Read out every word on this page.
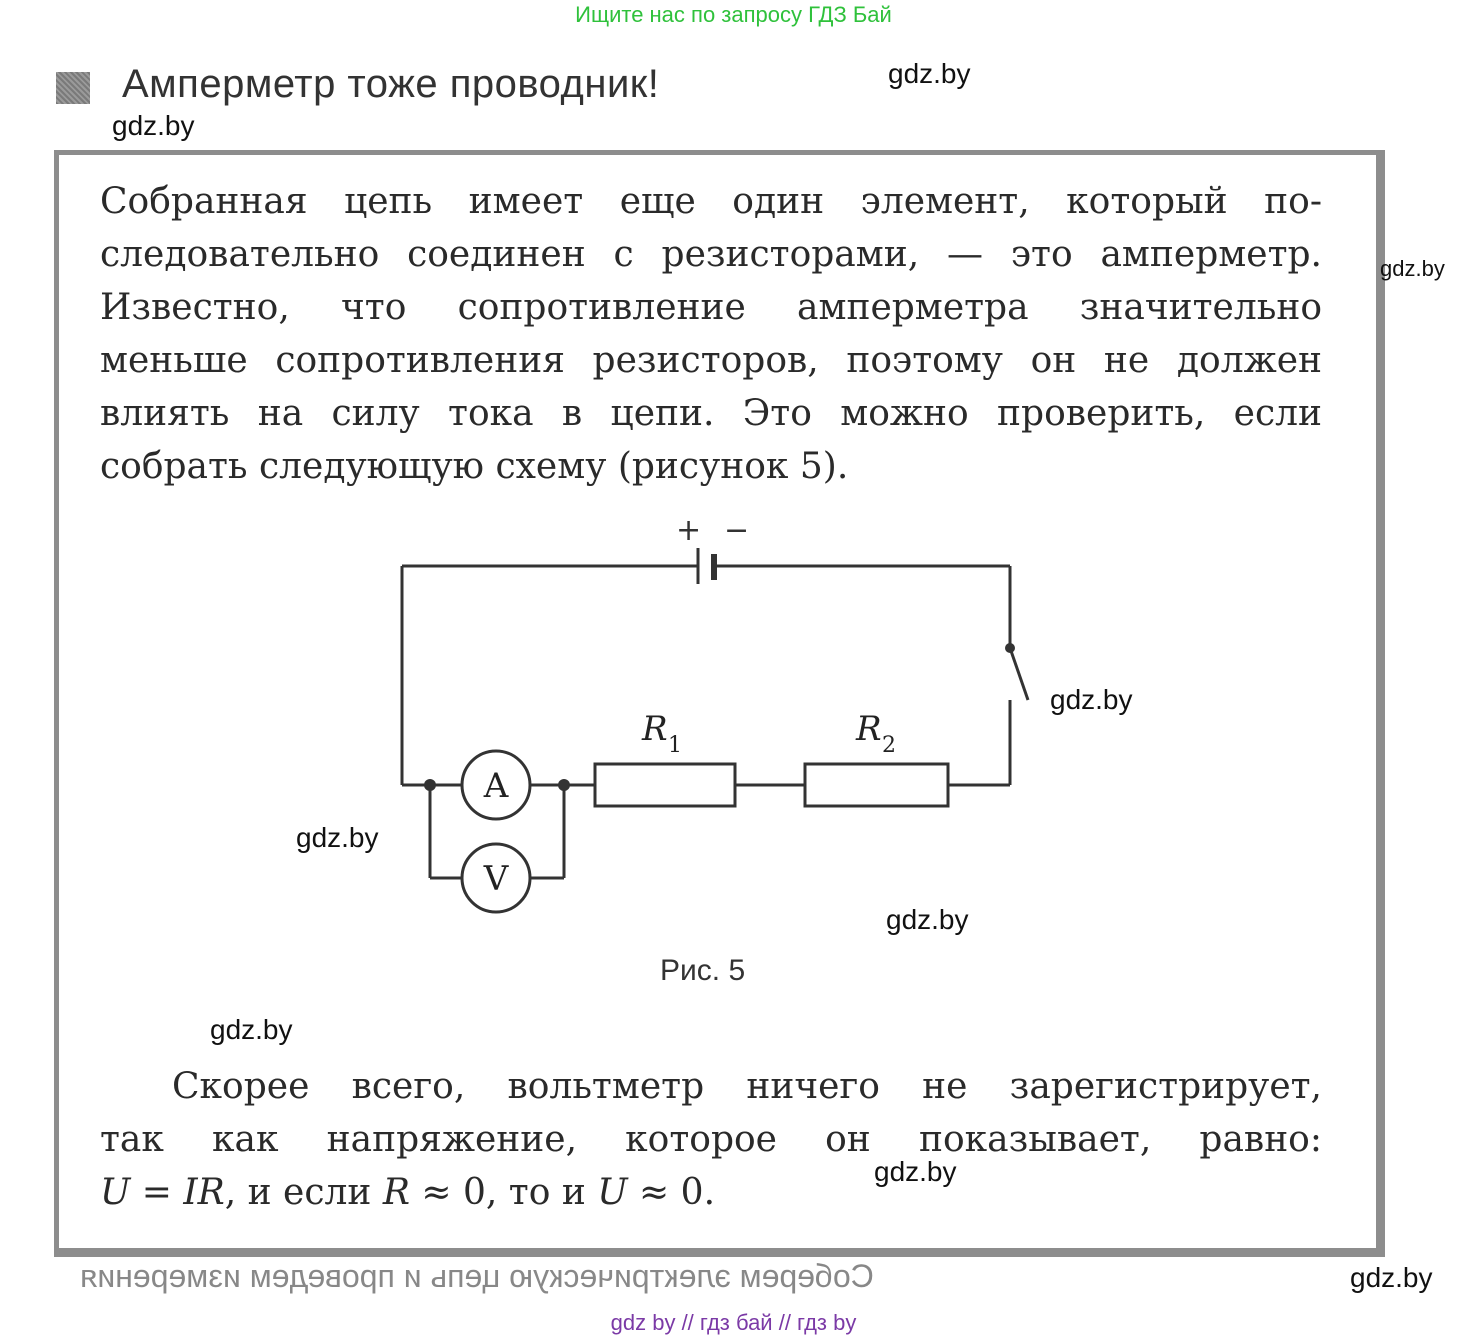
Ищите нас по запросу ГДЗ Бай
Амперметр тоже проводник!
Собранная цепь имеет еще один элемент, который по-
следовательно соединен с резисторами, — это амперметр.
Известно, что сопротивление амперметра значительно
меньше сопротивления резисторов, поэтому он не должен
влиять на силу тока в цепи. Это можно проверить, если
собрать следующую схему (рисунок 5).
+ −
R 1	R 2
A
V
Рис. 5
Скорее всего, вольтметр ничего не зарегистрирует,
так как напряжение, которое он показывает, равно:
U = IR, и если R ≈ 0, то и U ≈ 0.
Соберем электрическую цепь и проведем измерения
gdz.by
gdz.by
gdz.by
gdz.by
gdz.by
gdz.by
gdz.by
gdz.by
gdz.by
gdz by // гдз бай // гдз by
